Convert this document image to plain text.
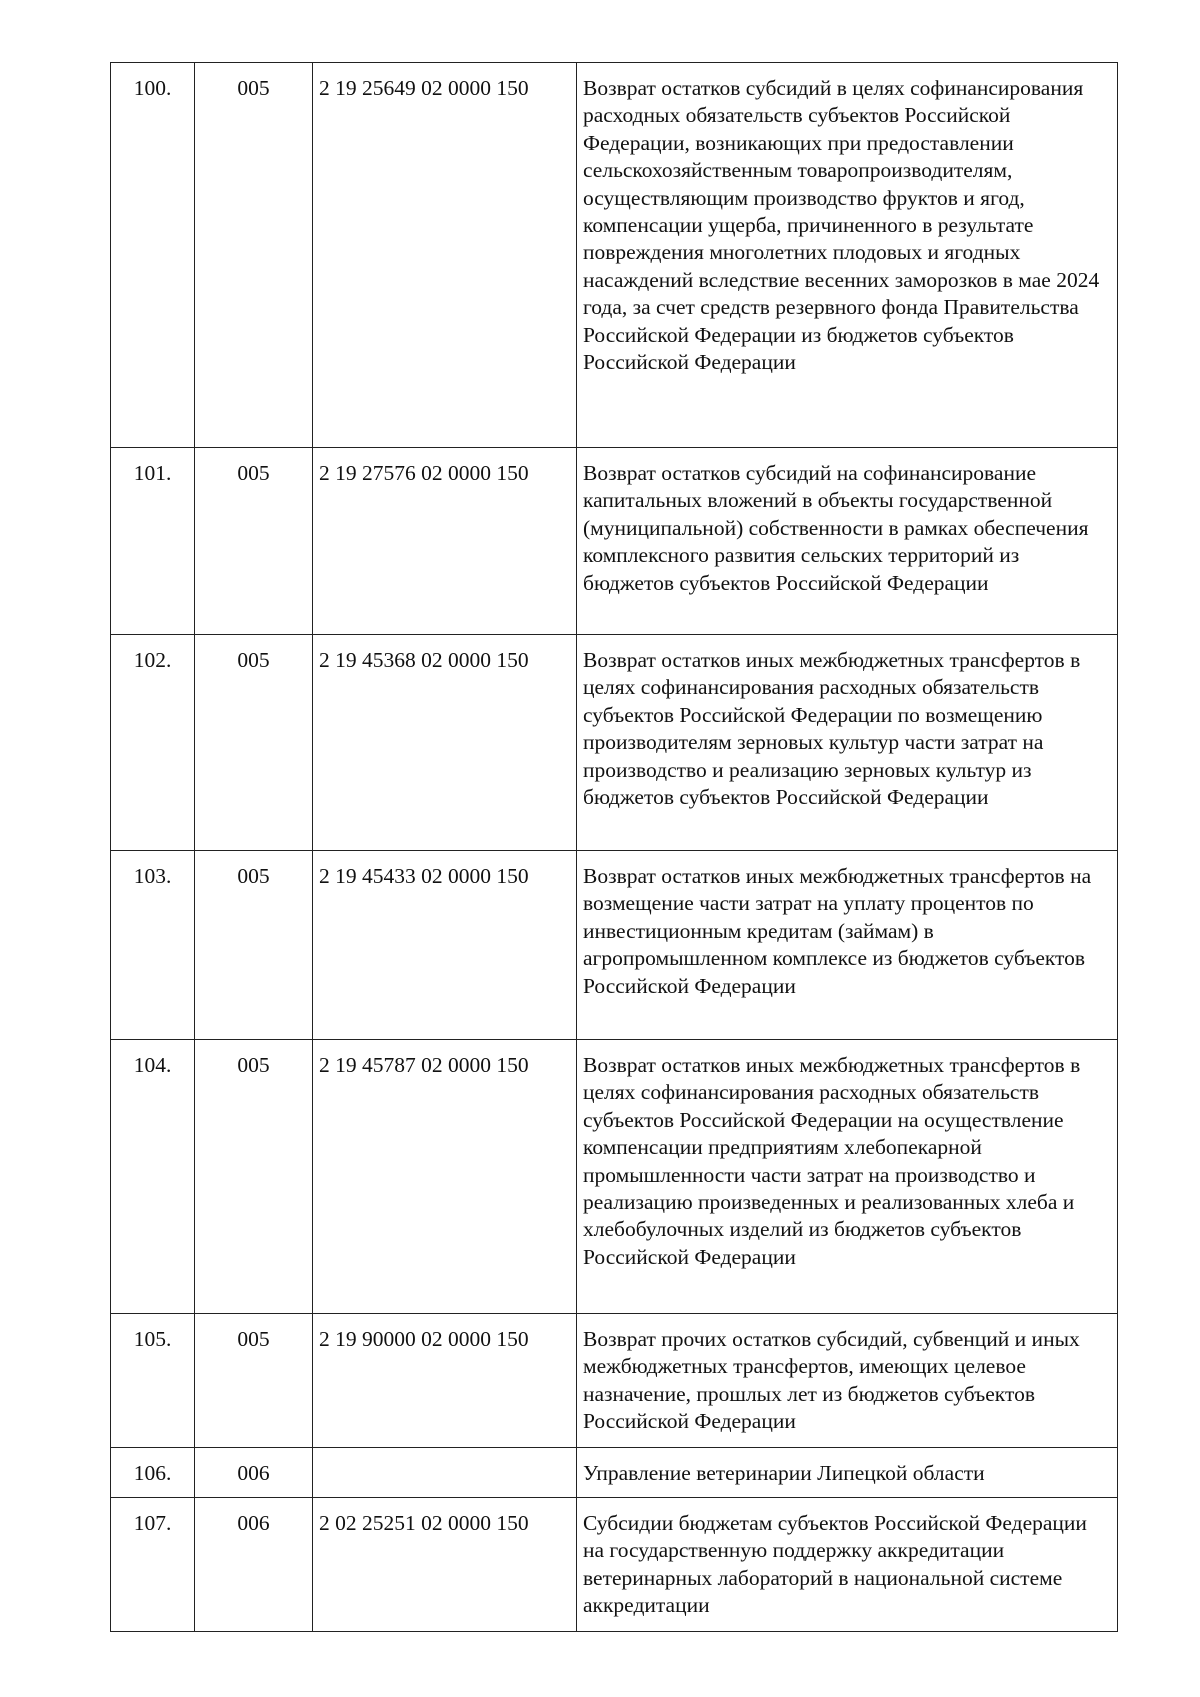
100.	005	2 19 25649 02 0000 150	Возврат остатков субсидий в целях софинансирования расходных обязательств субъектов Российской Федерации, возникающих при предоставлении сельскохозяйственным товаропроизводителям, осуществляющим производство фруктов и ягод, компенсации ущерба, причиненного в результате повреждения многолетних плодовых и ягодных насаждений вследствие весенних заморозков в мае 2024 года, за счет средств резервного фонда Правительства Российской Федерации из бюджетов субъектов Российской Федерации
101.	005	2 19 27576 02 0000 150	Возврат остатков субсидий на софинансирование капитальных вложений в объекты государственной (муниципальной) собственности в рамках обеспечения комплексного развития сельских территорий из бюджетов субъектов Российской Федерации
102.	005	2 19 45368 02 0000 150	Возврат остатков иных межбюджетных трансфертов в целях софинансирования расходных обязательств субъектов Российской Федерации по возмещению производителям зерновых культур части затрат на производство и реализацию зерновых культур из бюджетов субъектов Российской Федерации
103.	005	2 19 45433 02 0000 150	Возврат остатков иных межбюджетных трансфертов на возмещение части затрат на уплату процентов по инвестиционным кредитам (займам) в агропромышленном комплексе из бюджетов субъектов Российской Федерации
104.	005	2 19 45787 02 0000 150	Возврат остатков иных межбюджетных трансфертов в целях софинансирования расходных обязательств субъектов Российской Федерации на осуществление компенсации предприятиям хлебопекарной промышленности части затрат на производство и реализацию произведенных и реализованных хлеба и хлебобулочных изделий из бюджетов субъектов Российской Федерации
105.	005	2 19 90000 02 0000 150	Возврат прочих остатков субсидий, субвенций и иных межбюджетных трансфертов, имеющих целевое назначение, прошлых лет из бюджетов субъектов Российской Федерации
106.	006		Управление ветеринарии Липецкой области
107.	006	2 02 25251 02 0000 150	Субсидии бюджетам субъектов Российской Федерации на государственную поддержку аккредитации ветеринарных лабораторий в национальной системе аккредитации
